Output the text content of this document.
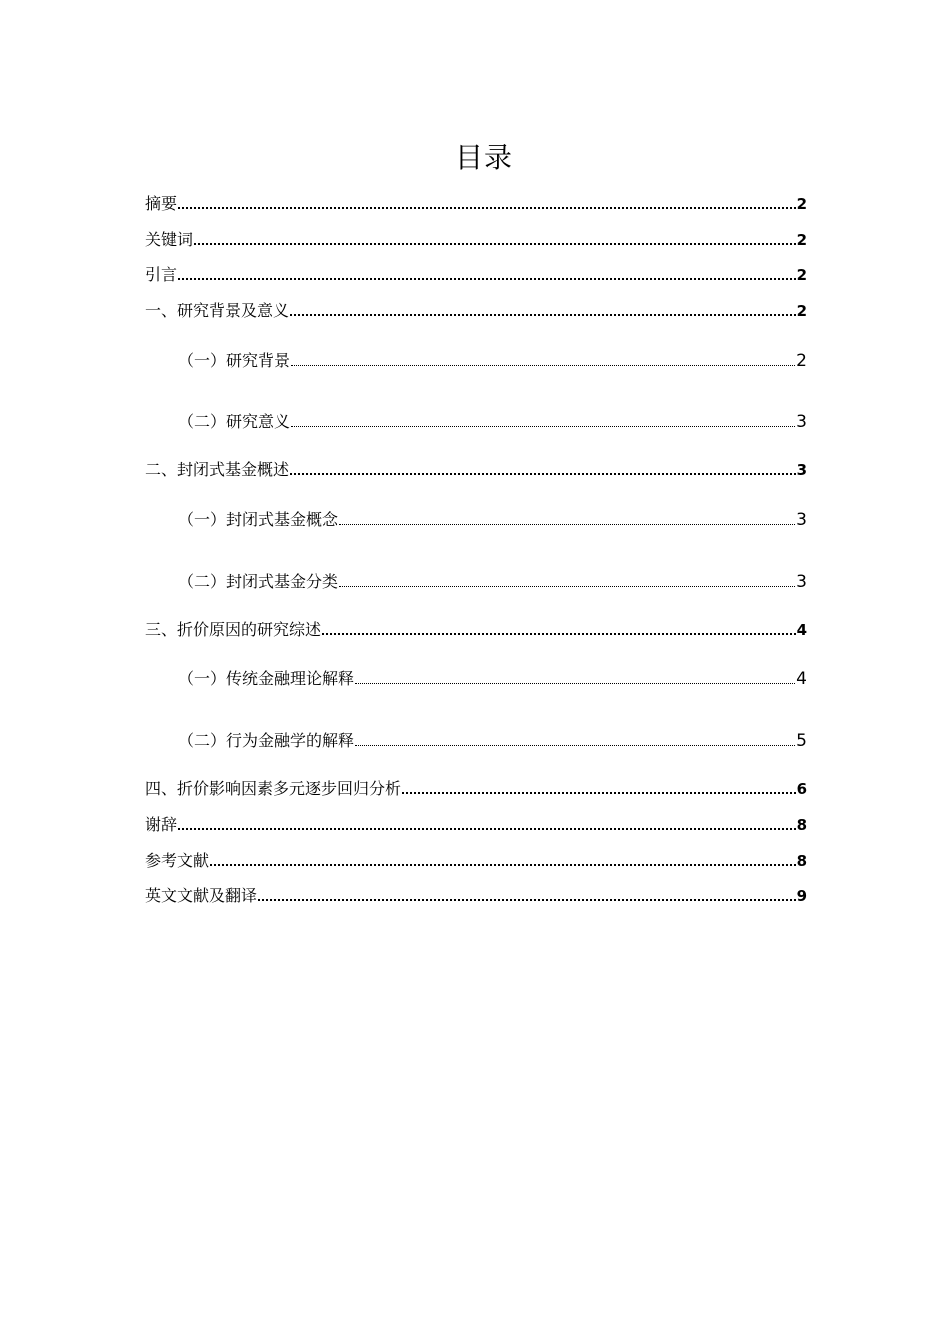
目录
摘要	2
关键词	2
引言	2
一、研究背景及意义	2
（一）研究背景	2
（二）研究意义	3
二、封闭式基金概述	3
（一）封闭式基金概念	3
（二）封闭式基金分类	3
三、折价原因的研究综述	4
（一）传统金融理论解释	4
（二）行为金融学的解释	5
四、折价影响因素多元逐步回归分析	6
谢辞	8
参考文献	8
英文文献及翻译	9
